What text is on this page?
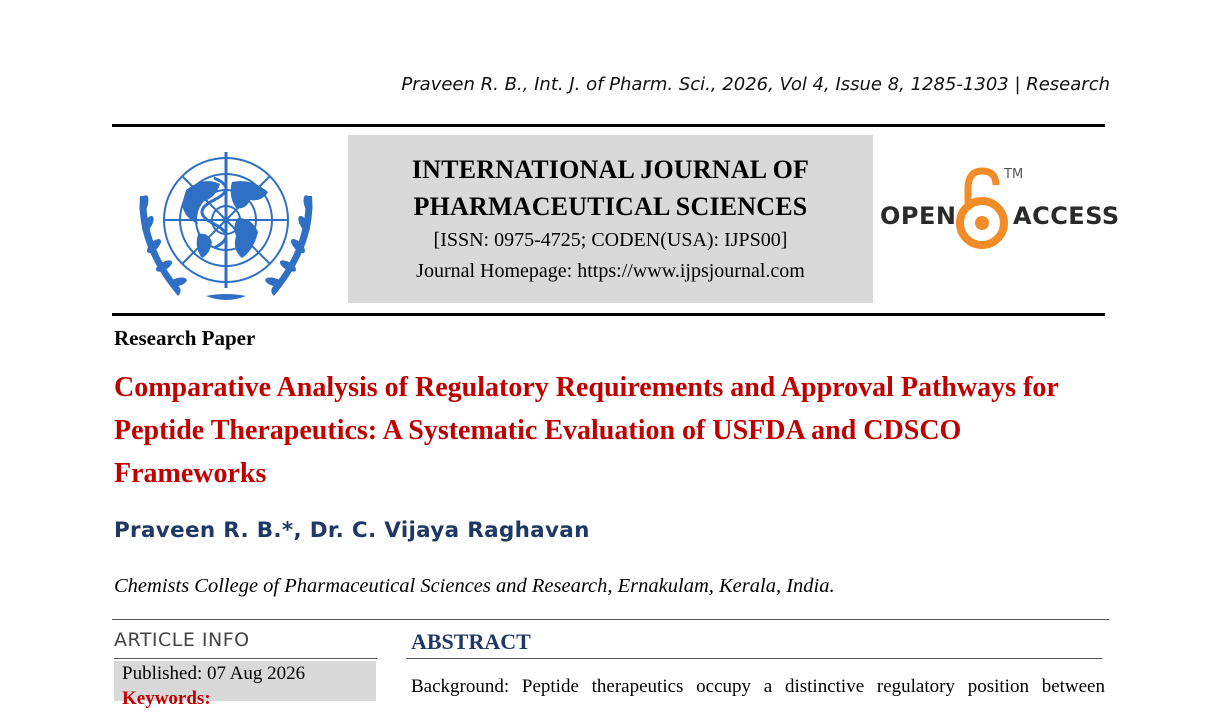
Praveen R. B., Int. J. of Pharm. Sci., 2026, Vol 4, Issue 8, 1285-1303 | Research
INTERNATIONAL JOURNAL OF
PHARMACEUTICAL SCIENCES
[ISSN: 0975-4725; CODEN(USA): IJPS00]
Journal Homepage: https://www.ijpsjournal.com
OPEN
TM
ACCESS
Research Paper
Comparative Analysis of Regulatory Requirements and Approval Pathways for Peptide Therapeutics: A Systematic Evaluation of USFDA and CDSCO Frameworks
Praveen R. B.*, Dr. C. Vijaya Raghavan
Chemists College of Pharmaceutical Sciences and Research, Ernakulam, Kerala, India.
ARTICLE INFO
Published: 07 Aug 2026
Keywords:
ABSTRACT
Background: Peptide therapeutics occupy a distinctive regulatory position between
